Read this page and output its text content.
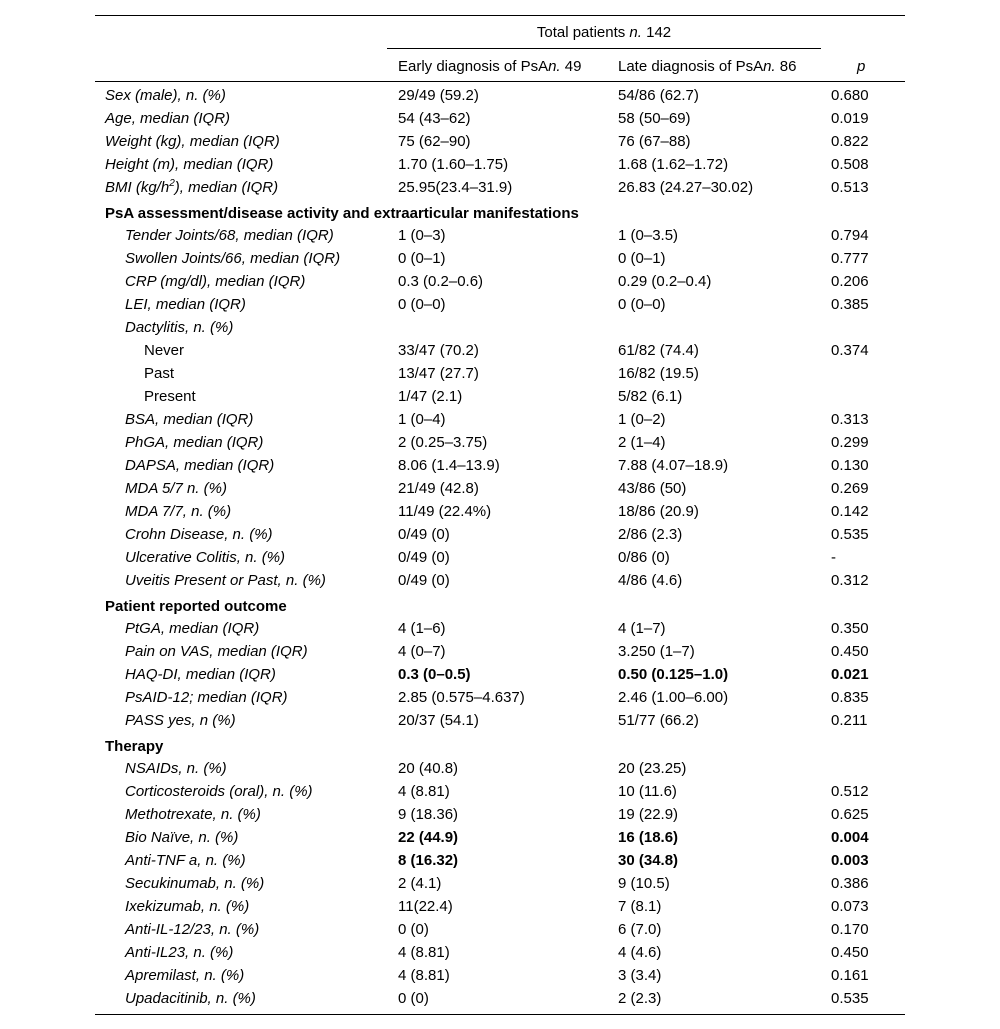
Total patients n. 142
Early diagnosis of PsAn. 49 Late diagnosis of PsAn. 86	p
Sex (male), n. (%)	29/49 (59.2)	54/86 (62.7)	0.680
Age, median (IQR)	54 (43–62)	58 (50–69)	0.019
Weight (kg), median (IQR)	75 (62–90)	76 (67–88)	0.822
Height (m), median (IQR)	1.70 (1.60–1.75)	1.68 (1.62–1.72)	0.508
BMI $(kg/h^2)$, median (IQR)	25.95(23.4–31.9)	26.83 (24.27–30.02)	0.513
PsA assessment/disease activity and extraarticular manifestations
Tender Joints/68, median (IQR)	1 (0–3)	1 (0–3.5)	0.794
Swollen Joints/66, median (IQR)	0 (0–1)	0 (0–1)	0.777
CRP (mg/dl), median (IQR)	0.3 (0.2–0.6)	0.29 (0.2–0.4)	0.206
LEI, median (IQR)	0 (0–0)	0 (0–0)	0.385
Dactylitis, n. (%)
Never	33/47 (70.2)	61/82 (74.4)	0.374
Past	13/47 (27.7)	16/82 (19.5)
Present	1/47 (2.1)	5/82 (6.1)
BSA, median (IQR)	1 (0–4)	1 (0–2)	0.313
PhGA, median (IQR)	2 (0.25–3.75)	2 (1–4)	0.299
DAPSA, median (IQR)	8.06 (1.4–13.9)	7.88 (4.07–18.9)	0.130
MDA 5/7 n. (%)	21/49 (42.8)	43/86 (50)	0.269
MDA 7/7, n. (%)	11/49 (22.4%)	18/86 (20.9)	0.142
Crohn Disease, n. (%)	0/49 (0)	2/86 (2.3)	0.535
Ulcerative Colitis, n. (%)	0/49 (0)	0/86 (0)	-
Uveitis Present or Past, n. (%)	0/49 (0)	4/86 (4.6)	0.312
Patient reported outcome
PtGA, median (IQR)	4 (1–6)	4 (1–7)	0.350
Pain on VAS, median (IQR)	4 (0–7)	3.250 (1–7)	0.450
HAQ-DI, median (IQR)	0.3 (0–0.5)	0.50 (0.125–1.0)	0.021
PsAID-12; median (IQR)	2.85 (0.575–4.637)	2.46 (1.00–6.00)	0.835
PASS yes, n (%)	20/37 (54.1)	51/77 (66.2)	0.211
Therapy
NSAIDs, n. (%)	20 (40.8)	20 (23.25)
Corticosteroids (oral), n. (%)	4 (8.81)	10 (11.6)	0.512
Methotrexate, n. (%)	9 (18.36)	19 (22.9)	0.625
Bio Naïve, n. (%)	22 (44.9)	16 (18.6)	0.004
Anti-TNF a, n. (%)	8 (16.32)	30 (34.8)	0.003
Secukinumab, n. (%)	2 (4.1)	9 (10.5)	0.386
Ixekizumab, n. (%)	11(22.4)	7 (8.1)	0.073
Anti-IL-12/23, n. (%)	0 (0)	6 (7.0)	0.170
Anti-IL23, n. (%)	4 (8.81)	4 (4.6)	0.450
Apremilast, n. (%)	4 (8.81)	3 (3.4)	0.161
Upadacitinib, n. (%)	0 (0)	2 (2.3)	0.535
